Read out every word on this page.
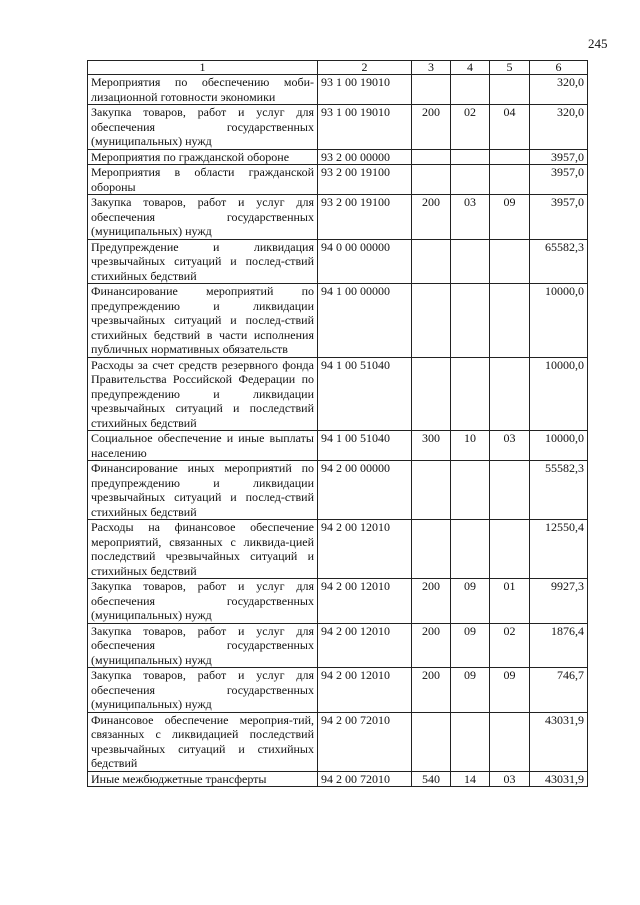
245
1	2	3	4	5	6
Мероприятия по обеспечению моби-лизационной готовности экономики	93 1 00 19010				320,0
Закупка товаров, работ и услуг для обеспечения государственных (муниципальных) нужд	93 1 00 19010	200	02	04	320,0
Мероприятия по гражданской обороне	93 2 00 00000				3957,0
Мероприятия в области гражданской обороны	93 2 00 19100				3957,0
Закупка товаров, работ и услуг для обеспечения государственных (муниципальных) нужд	93 2 00 19100	200	03	09	3957,0
Предупреждение и ликвидация чрезвычайных ситуаций и послед-ствий стихийных бедствий	94 0 00 00000				65582,3
Финансирование мероприятий по предупреждению и ликвидации чрезвычайных ситуаций и послед-ствий стихийных бедствий в части исполнения публичных нормативных обязательств	94 1 00 00000				10000,0
Расходы за счет средств резервного фонда Правительства Российской Федерации по предупреждению и ликвидации чрезвычайных ситуаций и последствий стихийных бедствий	94 1 00 51040				10000,0
Социальное обеспечение и иные выплаты населению	94 1 00 51040	300	10	03	10000,0
Финансирование иных мероприятий по предупреждению и ликвидации чрезвычайных ситуаций и послед-ствий стихийных бедствий	94 2 00 00000				55582,3
Расходы на финансовое обеспечение мероприятий, связанных с ликвида-цией последствий чрезвычайных ситуаций и стихийных бедствий	94 2 00 12010				12550,4
Закупка товаров, работ и услуг для обеспечения государственных (муниципальных) нужд	94 2 00 12010	200	09	01	9927,3
Закупка товаров, работ и услуг для обеспечения государственных (муниципальных) нужд	94 2 00 12010	200	09	02	1876,4
Закупка товаров, работ и услуг для обеспечения государственных (муниципальных) нужд	94 2 00 12010	200	09	09	746,7
Финансовое обеспечение мероприя-тий, связанных с ликвидацией последствий чрезвычайных ситуаций и стихийных бедствий	94 2 00 72010				43031,9
Иные межбюджетные трансферты	94 2 00 72010	540	14	03	43031,9
